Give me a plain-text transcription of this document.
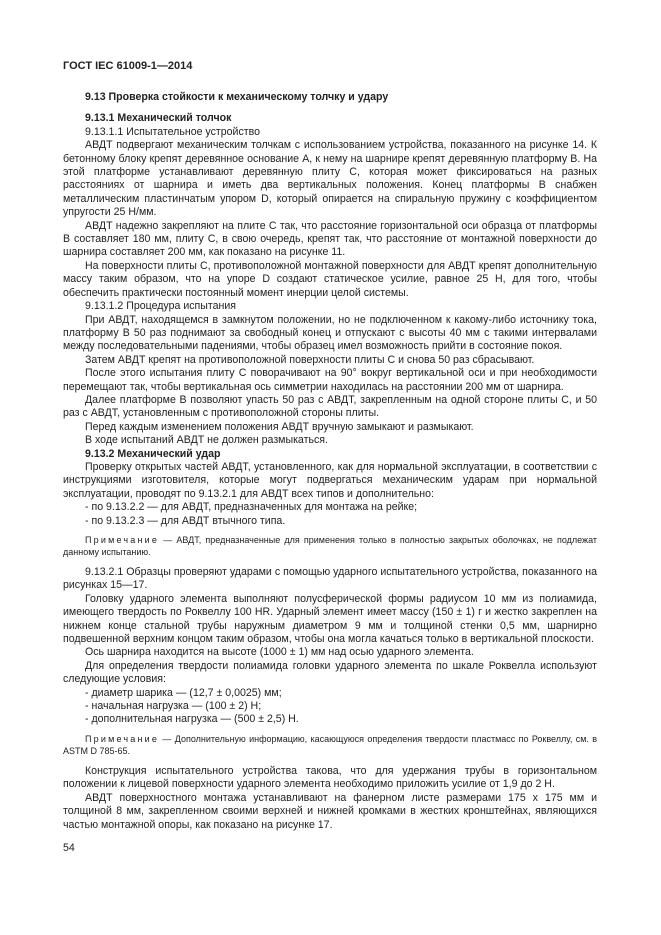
ГОСТ IEC 61009-1—2014

9.13 Проверка стойкости к механическому толчку и удару

9.13.1 Механический толчок

9.13.1.1 Испытательное устройство

АВДТ подвергают механическим толчкам с использованием устройства, показанного на рисунке 14. К бетонному блоку крепят деревянное основание A, к нему на шарнире крепят деревянную платформу B. На этой платформе устанавливают деревянную плиту C, которая может фиксироваться на разных расстояниях от шарнира и иметь два вертикальных положения. Конец платформы B снабжен металлическим пластинчатым упором D, который опирается на спиральную пружину с коэффициентом упругости 25 Н/мм.

АВДТ надежно закрепляют на плите C так, что расстояние горизонтальной оси образца от платформы B составляет 180 мм, плиту C, в свою очередь, крепят так, что расстояние от монтажной поверхности до шарнира составляет 200 мм, как показано на рисунке 11.

На поверхности плиты C, противоположной монтажной поверхности для АВДТ крепят дополнительную массу таким образом, что на упоре D создают статическое усилие, равное 25 Н, для того, чтобы обеспечить практически постоянный момент инерции целой системы.

9.13.1.2 Процедура испытания

При АВДТ, находящемся в замкнутом положении, но не подключенном к какому-либо источнику тока, платформу B 50 раз поднимают за свободный конец и отпускают с высоты 40 мм с такими интервалами между последовательными падениями, чтобы образец имел возможность прийти в состояние покоя.

Затем АВДТ крепят на противоположной поверхности плиты C и снова 50 раз сбрасывают.

После этого испытания плиту C поворачивают на 90° вокруг вертикальной оси и при необходимости перемещают так, чтобы вертикальная ось симметрии находилась на расстоянии 200 мм от шарнира.

Далее платформе B позволяют упасть 50 раз с АВДТ, закрепленным на одной стороне плиты C, и 50 раз с АВДТ, установленным с противоположной стороны плиты.

Перед каждым изменением положения АВДТ вручную замыкают и размыкают.

В ходе испытаний АВДТ не должен размыкаться.

9.13.2 Механический удар

Проверку открытых частей АВДТ, установленного, как для нормальной эксплуатации, в соответствии с инструкциями изготовителя, которые могут подвергаться механическим ударам при нормальной эксплуатации, проводят по 9.13.2.1 для АВДТ всех типов и дополнительно:

- по 9.13.2.2 — для АВДТ, предназначенных для монтажа на рейке;

- по 9.13.2.3 — для АВДТ втычного типа.

Примечание — АВДТ, предназначенные для применения только в полностью закрытых оболочках, не подлежат данному испытанию.

9.13.2.1 Образцы проверяют ударами с помощью ударного испытательного устройства, показанного на рисунках 15—17.

Головку ударного элемента выполняют полусферической формы радиусом 10 мм из полиамида, имеющего твердость по Роквеллу 100 HR. Ударный элемент имеет массу (150 ± 1) г и жестко закреплен на нижнем конце стальной трубы наружным диаметром 9 мм и толщиной стенки 0,5 мм, шарнирно подвешенной верхним концом таким образом, чтобы она могла качаться только в вертикальной плоскости.

Ось шарнира находится на высоте (1000 ± 1) мм над осью ударного элемента.

Для определения твердости полиамида головки ударного элемента по шкале Роквелла используют следующие условия:

- диаметр шарика — (12,7 ± 0,0025) мм;

- начальная нагрузка — (100 ± 2) Н;

- дополнительная нагрузка — (500 ± 2,5) Н.

Примечание — Дополнительную информацию, касающуюся определения твердости пластмасс по Роквеллу, см. в ASTM D 785-65.

Конструкция испытательного устройства такова, что для удержания трубы в горизонтальном положении к лицевой поверхности ударного элемента необходимо приложить усилие от 1,9 до 2 Н.

АВДТ поверхностного монтажа устанавливают на фанерном листе размерами 175 х 175 мм и толщиной 8 мм, закрепленном своими верхней и нижней кромками в жестких кронштейнах, являющихся частью монтажной опоры, как показано на рисунке 17.

54
